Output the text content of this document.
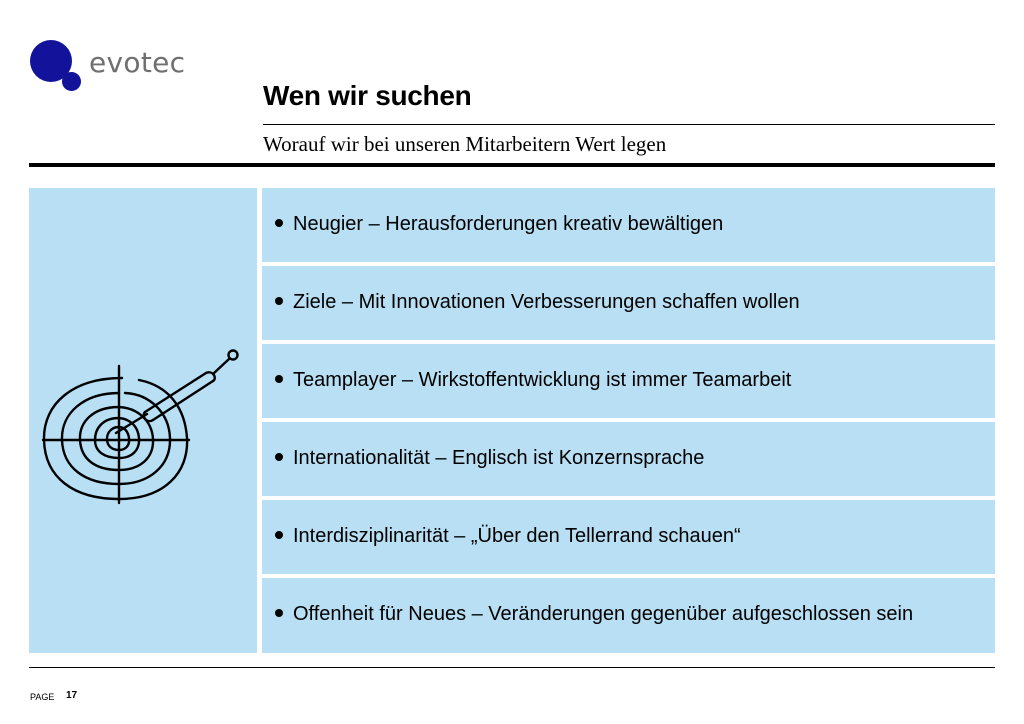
evotec
Wen wir suchen
Worauf wir bei unseren Mitarbeitern Wert legen
Neugier – Herausforderungen kreativ bewältigen
Ziele – Mit Innovationen Verbesserungen schaffen wollen
Teamplayer – Wirkstoffentwicklung ist immer Teamarbeit
Internationalität – Englisch ist Konzernsprache
Interdisziplinarität – „Über den Tellerrand schauen“
Offenheit für Neues – Veränderungen gegenüber aufgeschlossen sein
PAGE 17
